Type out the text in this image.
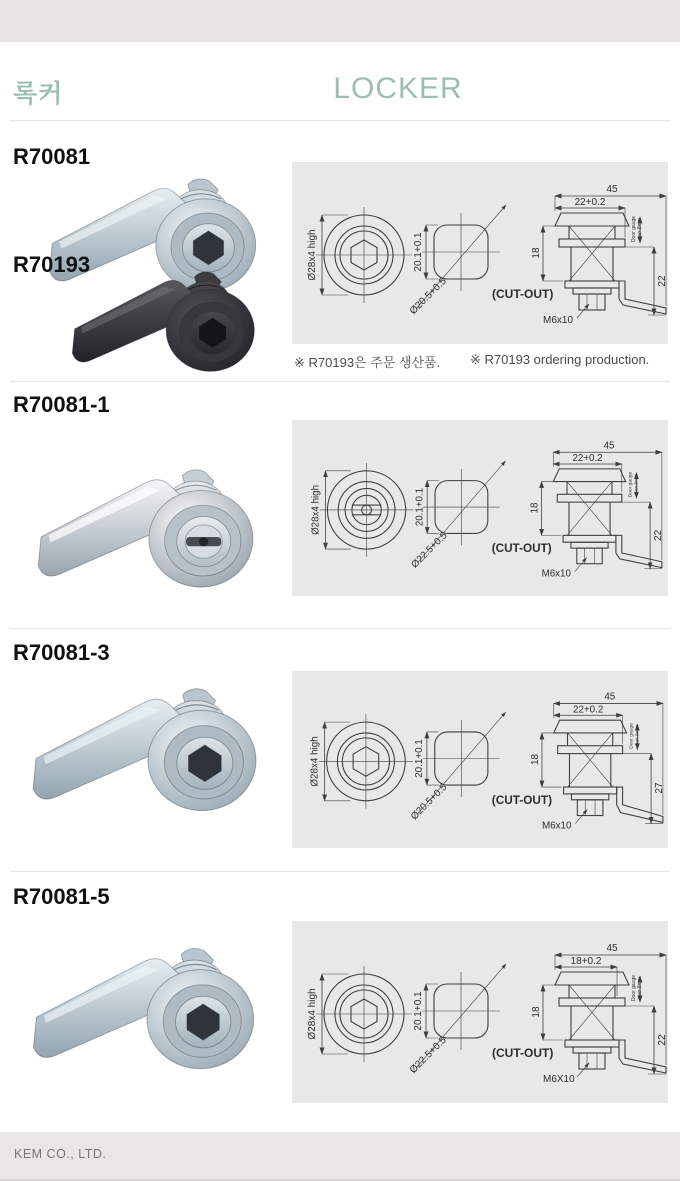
록커	LOCKER
R70081
R70193	Ø28x4 high	20.1+0.1
Ø20.5+0.5	(CUT-OUT)
45
22+0.2
18
22
Door gauge max.8mm
M6x10
※ R70193은 주문 생산품. ※ R70193 ordering production.
R70081-1
Ø28x4 high	20.1+0.1
Ø22.5+0.5	(CUT-OUT)
45
22+0.2
18
22
Door gauge max.8mm
M6x10
R70081-3
Ø28x4 high	20.1+0.1
Ø20.5+0.5	(CUT-OUT)
45
22+0.2
18
27
Door gauge max.8mm
M6x10
R70081-5
Ø28x4 high	20.1+0.1
Ø22.5+0.5	(CUT-OUT)
45
18+0.2
18
22
Door gauge max.8mm
M6X10
KEM CO., LTD.
